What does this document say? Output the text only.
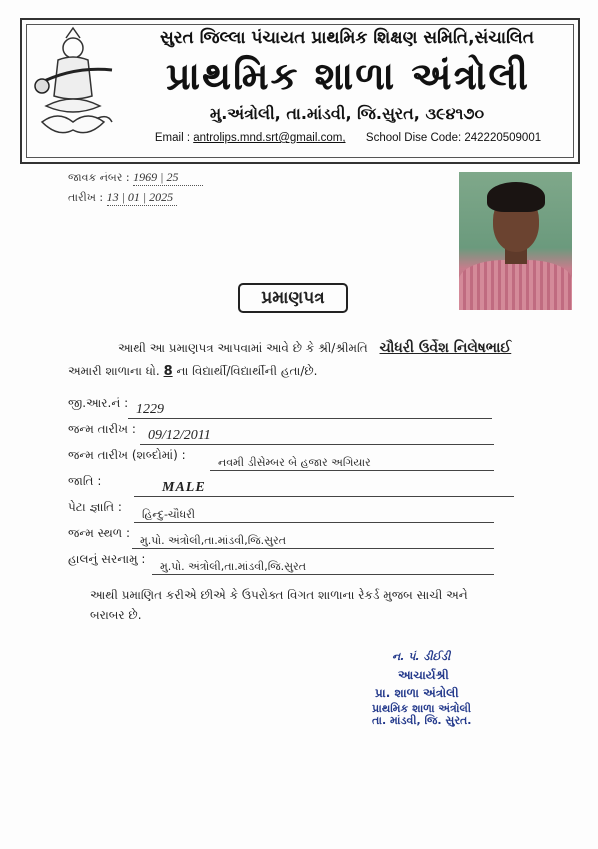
સુરત જિલ્લા પંચાયત પ્રાથમિક શિક્ષણ સમિતિ,સંચાલિત
પ્રાથમિક શાળા અંત્રોલી
મુ.અંત્રોલી, તા.માંડવી, જિ.સુરત, ૩૯૪૧૭૦
Email : antrolips.mnd.srt@gmail.com, School Dise Code: 242220509001
જાવક નંબર : 1969 | 25
તારીખ : 13 | 01 | 2025
પ્રમાણપત્ર
આથી આ પ્રમાણપત્ર આપવામાં આવે છે કે શ્રી/શ્રીમતિ ચૌધરી ઉર્વેશ નિલેષભાઈ
અમારી શાળાના ધો. 8 ના વિદ્યાર્થી/વિદ્યાર્થીની હતા/છે.
જી.આર.નં : 1229
જન્મ તારીખ : 09/12/2011
જન્મ તારીખ (શબ્દોમાં) :
નવમી ડીસેમ્બર બે હજાર અગિયાર
જાતિ :	MALE
પેટા જ્ઞાતિ :
હિન્દુ-ચૌધરી
જન્મ સ્થળ :
મુ.પો. અંત્રોલી,તા.માંડવી,જિ.સુરત
હાલનું સરનામુ :
મુ.પો. અંત્રોલી,તા.માંડવી,જિ.સુરત
આથી પ્રમાણિત કરીએ છીએ કે ઉપરોક્ત વિગત શાળાના રેકર્ડ મુજબ સાચી અને
બરાબર છે.
ન. પં. ડીઈડી
આચાર્યશ્રી
પ્રા. શાળા અંત્રોલી
પ્રાથમિક શાળા અંત્રોલી
તા. માંડવી, જિ. સુરત.
